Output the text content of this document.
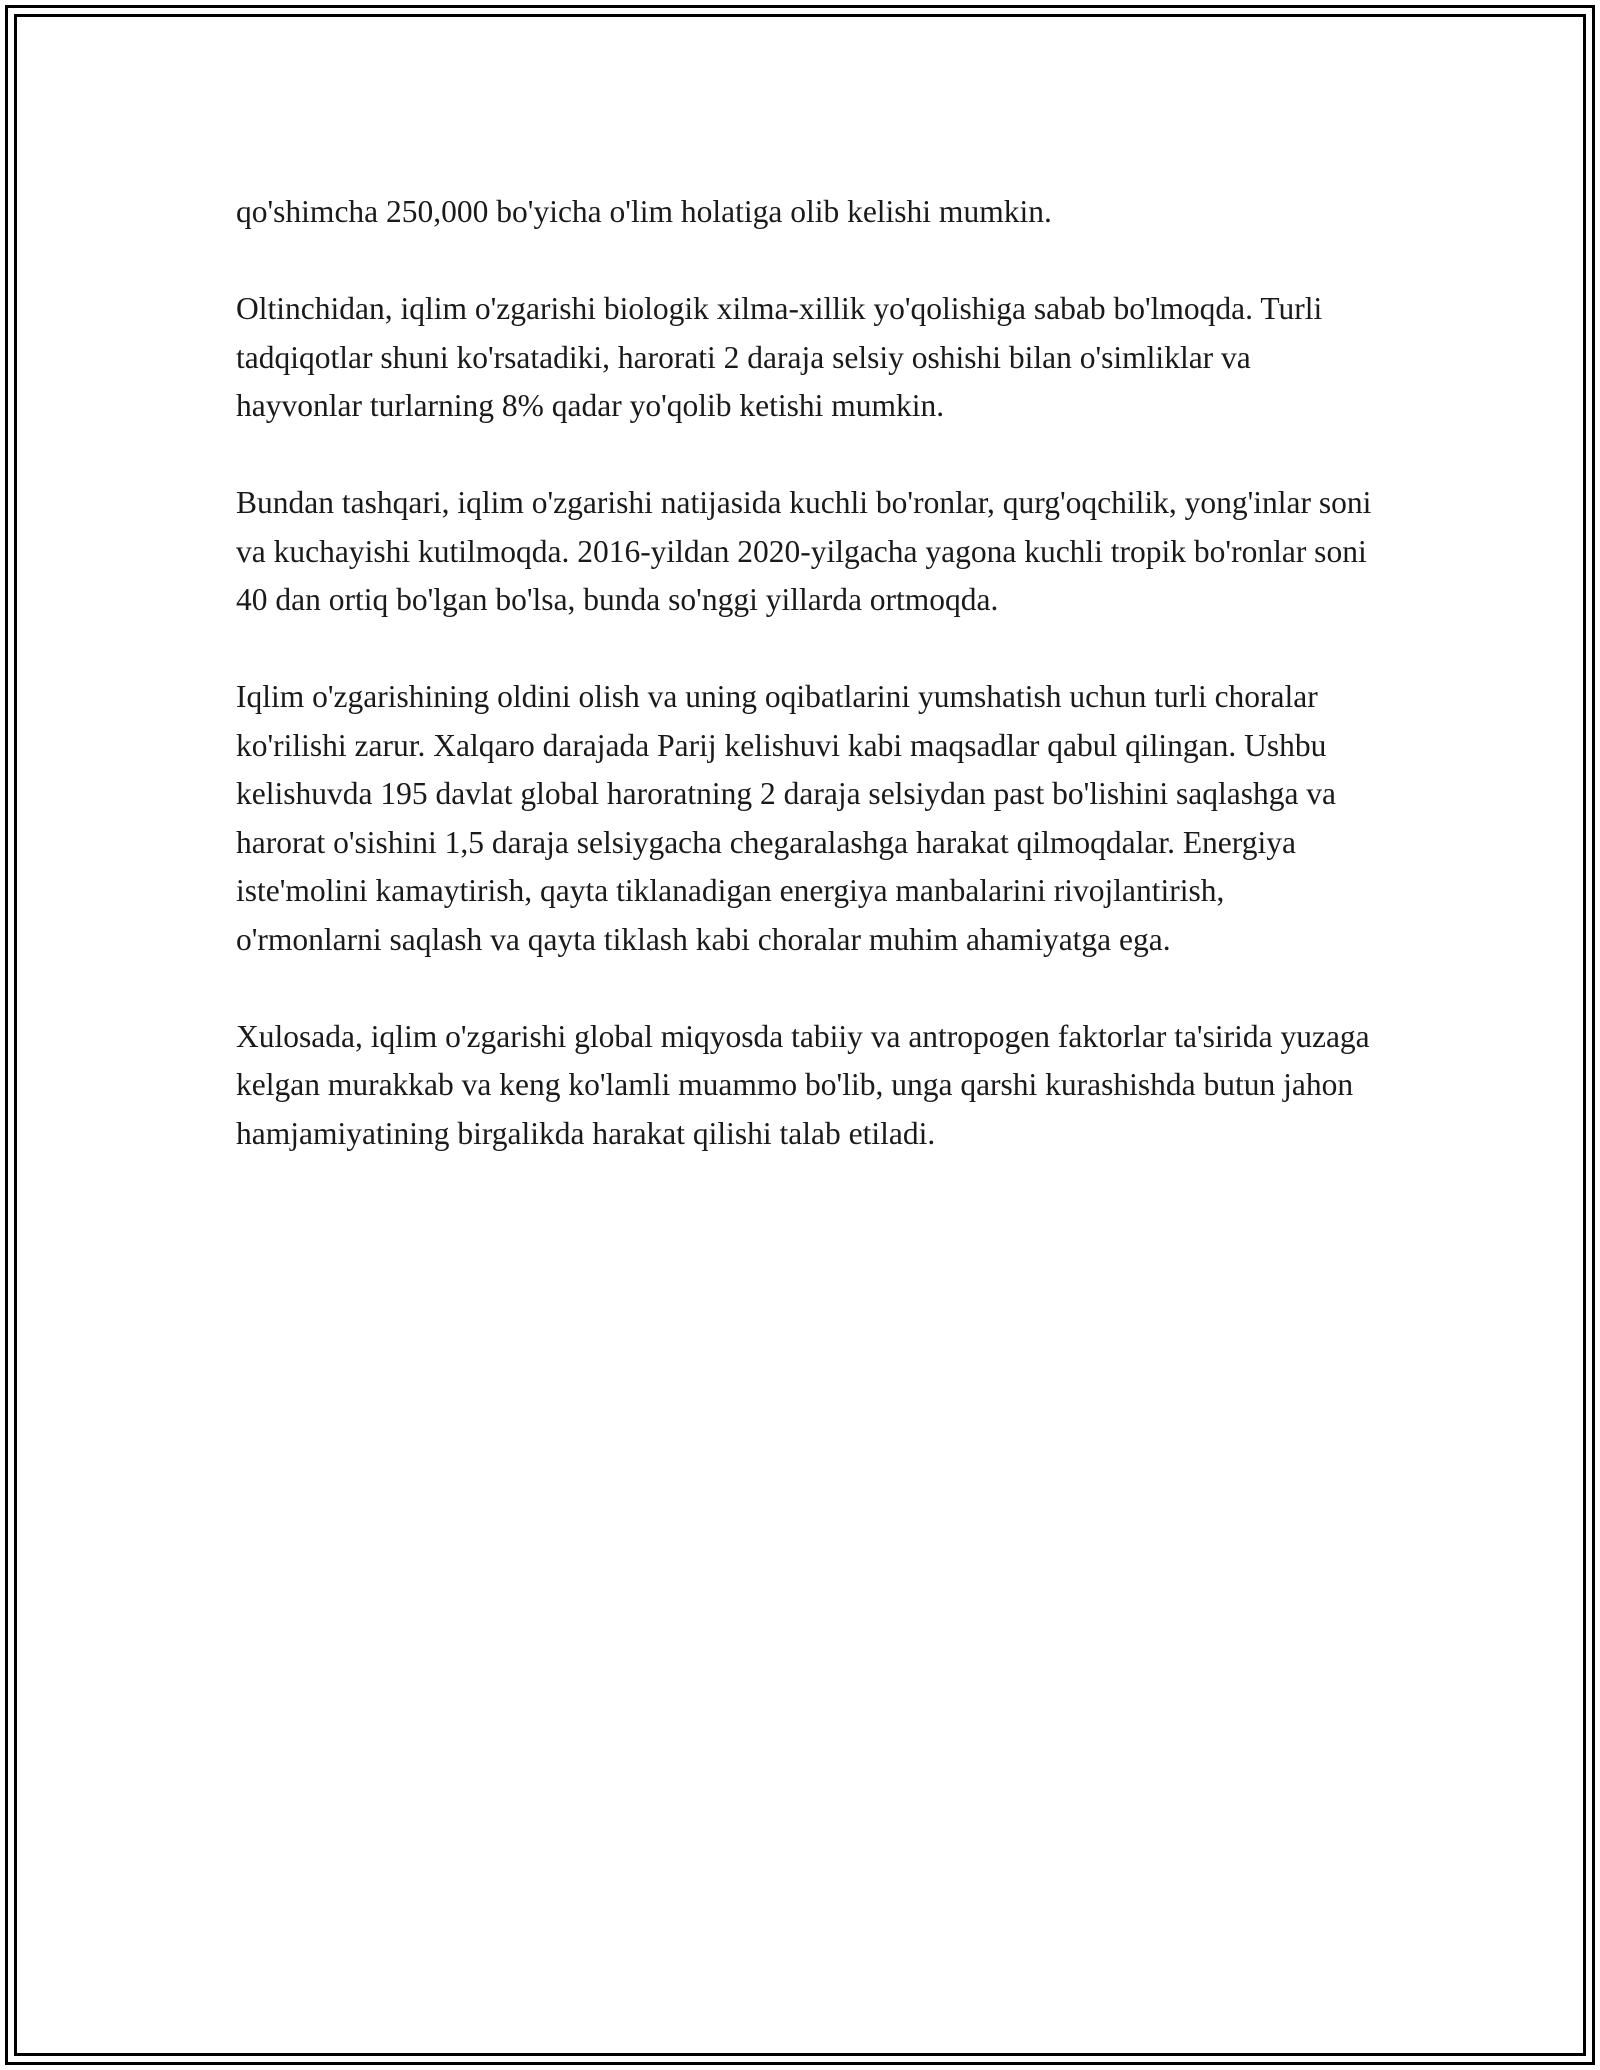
qo'shimcha 250,000 bo'yicha o'lim holatiga olib kelishi mumkin.

Oltinchidan, iqlim o'zgarishi biologik xilma-xillik yo'qolishiga sabab bo'lmoqda. Turli tadqiqotlar shuni ko'rsatadiki, harorati 2 daraja selsiy oshishi bilan o'simliklar va hayvonlar turlarning 8% qadar yo'qolib ketishi mumkin.

Bundan tashqari, iqlim o'zgarishi natijasida kuchli bo'ronlar, qurg'oqchilik, yong'inlar soni va kuchayishi kutilmoqda. 2016-yildan 2020-yilgacha yagona kuchli tropik bo'ronlar soni 40 dan ortiq bo'lgan bo'lsa, bunda so'nggi yillarda ortmoqda.

Iqlim o'zgarishining oldini olish va uning oqibatlarini yumshatish uchun turli choralar ko'rilishi zarur. Xalqaro darajada Parij kelishuvi kabi maqsadlar qabul qilingan. Ushbu kelishuvda 195 davlat global haroratning 2 daraja selsiydan past bo'lishini saqlashga va harorat o'sishini 1,5 daraja selsiygacha chegaralashga harakat qilmoqdalar. Energiya iste'molini kamaytirish, qayta tiklanadigan energiya manbalarini rivojlantirish, o'rmonlarni saqlash va qayta tiklash kabi choralar muhim ahamiyatga ega.

Xulosada, iqlim o'zgarishi global miqyosda tabiiy va antropogen faktorlar ta'sirida yuzaga kelgan murakkab va keng ko'lamli muammo bo'lib, unga qarshi kurashishda butun jahon hamjamiyatining birgalikda harakat qilishi talab etiladi.
